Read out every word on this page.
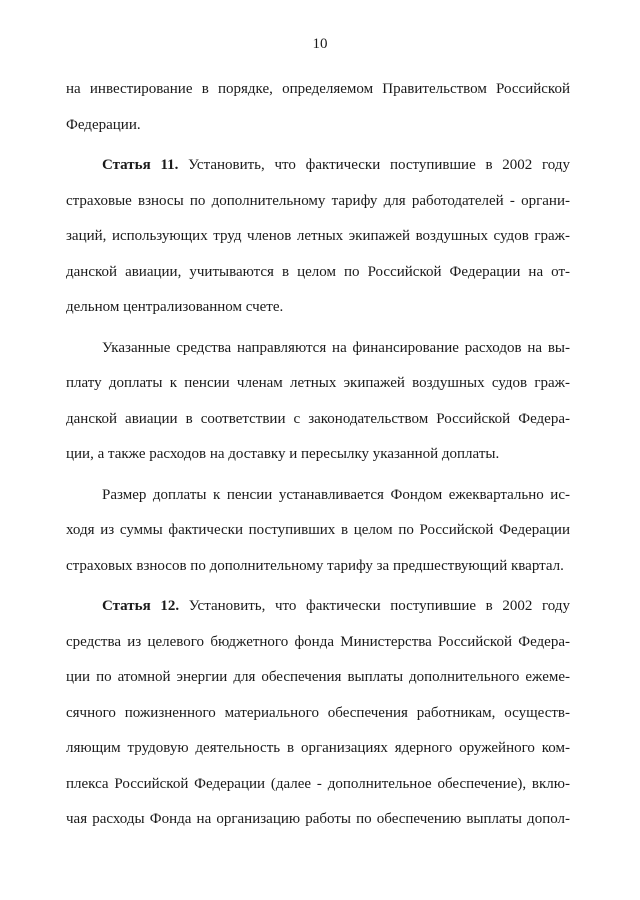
10
на инвестирование в порядке, определяемом Правительством Российской
Федерации.
Статья 11. Установить, что фактически поступившие в 2002 году
страховые взносы по дополнительному тарифу для работодателей - органи-
заций, использующих труд членов летных экипажей воздушных судов граж-
данской авиации, учитываются в целом по Российской Федерации на от-
дельном централизованном счете.
Указанные средства направляются на финансирование расходов на вы-
плату доплаты к пенсии членам летных экипажей воздушных судов граж-
данской авиации в соответствии с законодательством Российской Федера-
ции, а также расходов на доставку и пересылку указанной доплаты.
Размер доплаты к пенсии устанавливается Фондом ежеквартально ис-
ходя из суммы фактически поступивших в целом по Российской Федерации
страховых взносов по дополнительному тарифу за предшествующий квартал.
Статья 12. Установить, что фактически поступившие в 2002 году
средства из целевого бюджетного фонда Министерства Российской Федера-
ции по атомной энергии для обеспечения выплаты дополнительного ежеме-
сячного пожизненного материального обеспечения работникам, осуществ-
ляющим трудовую деятельность в организациях ядерного оружейного ком-
плекса Российской Федерации (далее - дополнительное обеспечение), вклю-
чая расходы Фонда на организацию работы по обеспечению выплаты допол-
